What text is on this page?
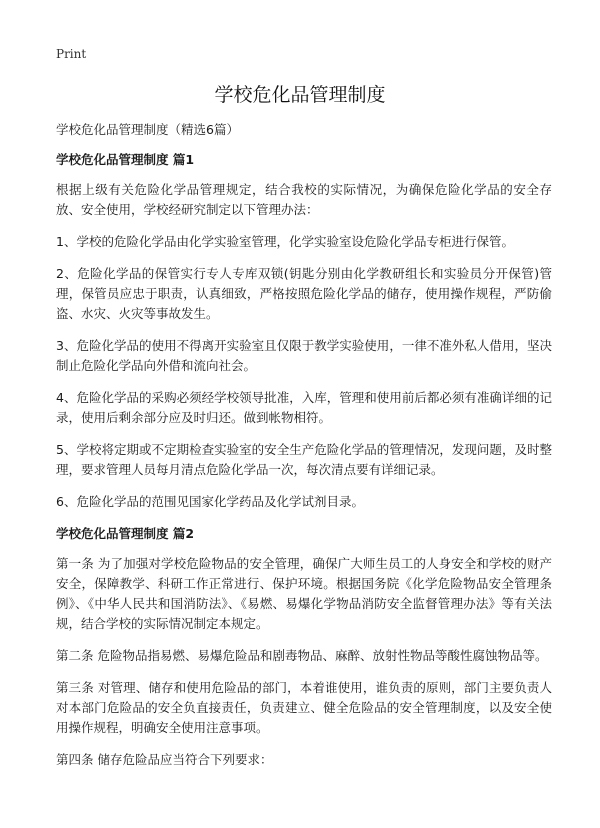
Print
学校危化品管理制度

学校危化品管理制度（精选6篇）

学校危化品管理制度 篇1

根据上级有关危险化学品管理规定，结合我校的实际情况，为确保危险化学品的安全存放、安全使用，学校经研究制定以下管理办法：

1、学校的危险化学品由化学实验室管理，化学实验室设危险化学品专柜进行保管。

2、危险化学品的保管实行专人专库双锁(钥匙分别由化学教研组长和实验员分开保管)管理，保管员应忠于职责，认真细致，严格按照危险化学品的储存，使用操作规程，严防偷盗、水灾、火灾等事故发生。

3、危险化学品的使用不得离开实验室且仅限于教学实验使用，一律不准外私人借用，坚决制止危险化学品向外借和流向社会。

4、危险化学品的采购必须经学校领导批准，入库，管理和使用前后都必须有准确详细的记录，使用后剩余部分应及时归还。做到帐物相符。

5、学校将定期或不定期检查实验室的安全生产危险化学品的管理情况，发现问题，及时整理，要求管理人员每月清点危险化学品一次，每次清点要有详细记录。

6、危险化学品的范围见国家化学药品及化学试剂目录。

学校危化品管理制度 篇2

第一条 为了加强对学校危险物品的安全管理，确保广大师生员工的人身安全和学校的财产安全，保障教学、科研工作正常进行、保护环境。根据国务院《化学危险物品安全管理条例》、《中华人民共和国消防法》、《易燃、易爆化学物品消防安全监督管理办法》等有关法规，结合学校的实际情况制定本规定。

第二条 危险物品指易燃、易爆危险品和剧毒物品、麻醉、放射性物品等酸性腐蚀物品等。

第三条 对管理、储存和使用危险品的部门，本着谁使用，谁负责的原则，部门主要负责人对本部门危险品的安全负直接责任，负责建立、健全危险品的安全管理制度，以及安全使用操作规程，明确安全使用注意事项。

第四条 储存危险品应当符合下列要求：
